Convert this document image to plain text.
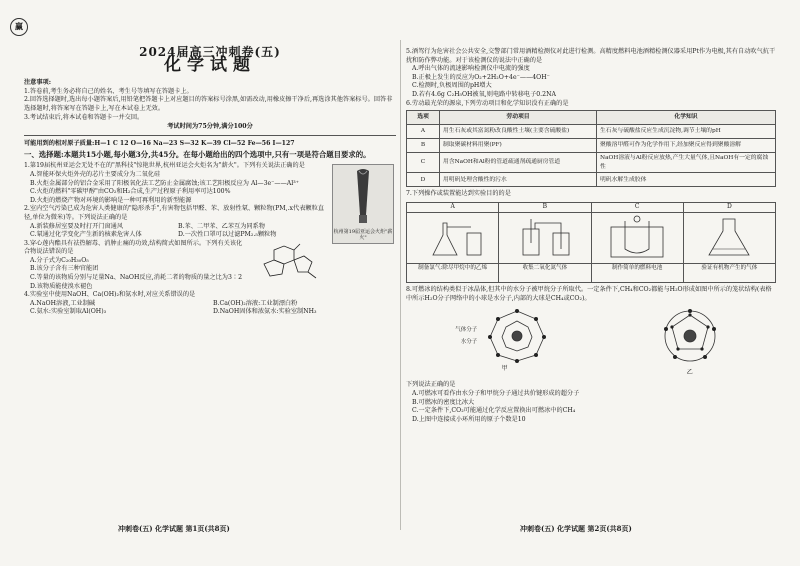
赢
2024届高三冲刺卷(五)
化学试题

注意事项:

1.答卷前,考生务必将自己的姓名、考生号等填写在答题卡上。

2.回答选择题时,选出每小题答案后,用铅笔把答题卡上对应题目的答案标号涂黑,如需改动,用橡皮擦干净后,再选涂其他答案标号。回答非选择题时,将答案写在答题卡上,写在本试卷上无效。

3.考试结束后,将本试卷和答题卡一并交回。

考试时间为75分钟,满分100分
可能用到的相对原子质量:H—1 C 12 O—16 Na—23 S—32 K—39 Cl—52 Fe—56 I—127
一、选择题:本题共15小题,每小题3分,共45分。在每小题给出的四个选项中,只有一项是符合题目要求的。
杭州第19届亚运会火炬"薪火"

1.第19届杭州亚运会无处不在的"黑科技"惊艳世界,杭州亚运会火炬名为"薪火"。下列有关说法正确的是

A.智能环保火炬外壳的芯片主要成分为二氧化硅

B.火炬金属部分的铝合金采用了阳极氧化法工艺防止金属腐蚀;该工艺阳极反应为 Al—3e⁻——Al³⁺

C.火炬的燃料"零碳甲醇"由CO₂和H₂合成,生产过程原子利用率可达100%

D.火炬的燃烧产物对环境的影响是一种可再利用的新型能源

2.室内空气污染已成为危害人类健康的"隐形杀手",有害物包括甲醛、苯、放射性氡、颗粒物(PM,.x代表颗粒直径,单位为微米)等。下列说法正确的是

A.新装修居室要及时打开门窗通风	B.苯、二甲苯、乙苯互为同系物
C.氡通过化学变化产生新的核素危害人体	D.一次性口罩可以过滤PM₂.₅颗粒物

3.穿心莲内酯具有祛热解毒、消肿止痛的功效,结构简式如图所示。下列有关该化合物说法错误的是

A.分子式为C₂₀H₃₀O₅

B.该分子含有三种官能团

C.等量的该物质分别与足量Na、NaOH反应,消耗二者的物质的量之比为3∶2

D.该物质能使溴水褪色

4.实验室中使用NaOH、Ca(OH)₂和氨水时,对应关系错误的是

A.NaOH溶液,工业制碱	B.Ca(OH)₂溶液:工业制漂白粉
C.氨水:实验室制取Al(OH)₃	D.NaOH固体和浓氨水:实验室制NH₃
冲刺卷(五) 化学试题 第1页(共8页)

5.酒驾行为危害社会公共安全,交警部门常用酒精检测仪对此进行检测。高精度燃料电池酒精检测仪器采用Pt作为电极,其有自动吹气抗干扰和防作弊功能。对于该检测仪的说法中正确的是

A.呼出气体的流速影响检测仪中电流的强度

B.正极上发生的反应为O₂+2H₂O+4e⁻——4OH⁻

C.检测时,负极周围的pH增大

D.若有4.6g C₂H₅OH被氧,则电路中转移电子0.2NA

6.劳动最光荣的源泉,下列劳动项目和化学知识没有正确的是

选项	劳动项目	化学知识
A	用生石灰或其富氮粉改良酸性土壤(主要含硫酸盐)	生石灰与硫酸盐反应生成沉淀物,调节土壤的pH
B	制取聚碳材料用聚(PF)	聚酸溶甲醛可作为化学作用下,经加聚反应得到聚酸溶解
C	用含NaOH和Al粉的管道疏通剂疏通厨房管道	NaOH溶液与Al粉反应放热,产生大量气体,且NaOH有一定的腐蚀性
D	用明矾处理含酸性的污水	明矾水解生成胶体

7.下列操作或装置能达到实验目的的是

A
制备氯气:除尽甲烷中的乙烯
B
收集二氧化氮气体
C
制作简单的燃料电池
D
验证有机物产生的气体

8.可燃冰的结构类似于冰晶体,但其中的水分子被甲烷分子所取代。一定条件下,CH₄和CO₂都能与H₂O形成如图中所示的笼状结构(表格中所示H₂O分子网络中的小球是水分子,内部的大球是CH₄或CO₂)。

气体分子
水分子
甲
乙

下列说法正确的是

A.可燃冰可看作由水分子和甲烷分子通过共价键形成的超分子

B.可燃冰的密度比冰大

C.一定条件下,CO₂可能通过化学反应置换出可燃冰中的CH₄

D.上图中连接成小环所用的原子个数是10

冲刺卷(五) 化学试题 第2页(共8页)
